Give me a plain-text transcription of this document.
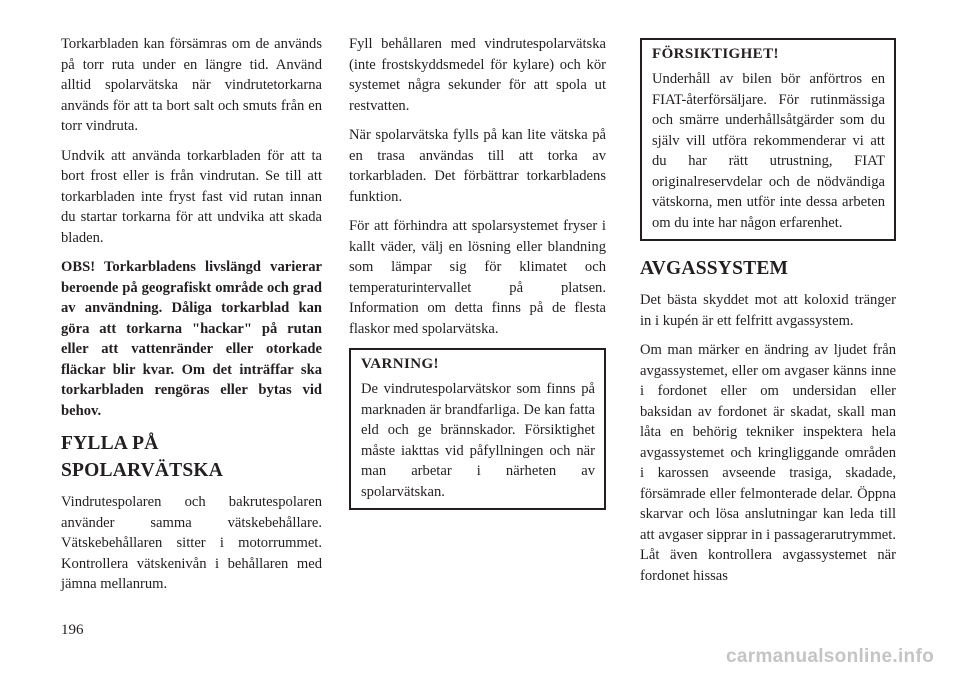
Torkarbladen kan försämras om de används på torr ruta under en längre tid. Använd alltid spolarvätska när vindrutetorkarna används för att ta bort salt och smuts från en torr vindruta.

Undvik att använda torkarbladen för att ta bort frost eller is från vindrutan. Se till att torkarbladen inte fryst fast vid rutan innan du startar torkarna för att undvika att skada bladen.

OBS! Torkarbladens livslängd varierar beroende på geografiskt område och grad av användning. Dåliga torkarblad kan göra att torkarna "hackar" på rutan eller att vattenränder eller otorkade fläckar blir kvar. Om det inträffar ska torkarbladen rengöras eller bytas vid behov.

FYLLA PÅ SPOLARVÄTSKA

Vindrutespolaren och bakrutespolaren använder samma vätskebehållare. Vätskebehållaren sitter i motorrummet. Kontrollera vätskenivån i behållaren med jämna mellanrum.

Fyll behållaren med vindrutespolarvätska (inte frostskyddsmedel för kylare) och kör systemet några sekunder för att spola ut restvatten.

När spolarvätska fylls på kan lite vätska på en trasa användas till att torka av torkarbladen. Det förbättrar torkarbladens funktion.

För att förhindra att spolarsystemet fryser i kallt väder, välj en lösning eller blandning som lämpar sig för klimatet och temperaturintervallet på platsen. Information om detta finns på de flesta flaskor med spolarvätska.

VARNING!

De vindrutespolarvätskor som finns på marknaden är brandfarliga. De kan fatta eld och ge brännskador. Försiktighet måste iakttas vid påfyllningen och när man arbetar i närheten av spolarvätskan.

FÖRSIKTIGHET!

Underhåll av bilen bör anförtros en FIAT-återförsäljare. För rutinmässiga och smärre underhållsåtgärder som du själv vill utföra rekommenderar vi att du har rätt utrustning, FIAT originalreservdelar och de nödvändiga vätskorna, men utför inte dessa arbeten om du inte har någon erfarenhet.

AVGASSYSTEM

Det bästa skyddet mot att koloxid tränger in i kupén är ett felfritt avgassystem.

Om man märker en ändring av ljudet från avgassystemet, eller om avgaser känns inne i fordonet eller om undersidan eller baksidan av fordonet är skadat, skall man låta en behörig tekniker inspektera hela avgassystemet och kringliggande områden i karossen avseende trasiga, skadade, försämrade eller felmonterade delar. Öppna skarvar och lösa anslutningar kan leda till att avgaser sipprar in i passagerarutrymmet. Låt även kontrollera avgassystemet när fordonet hissas

196
carmanualsonline.info
